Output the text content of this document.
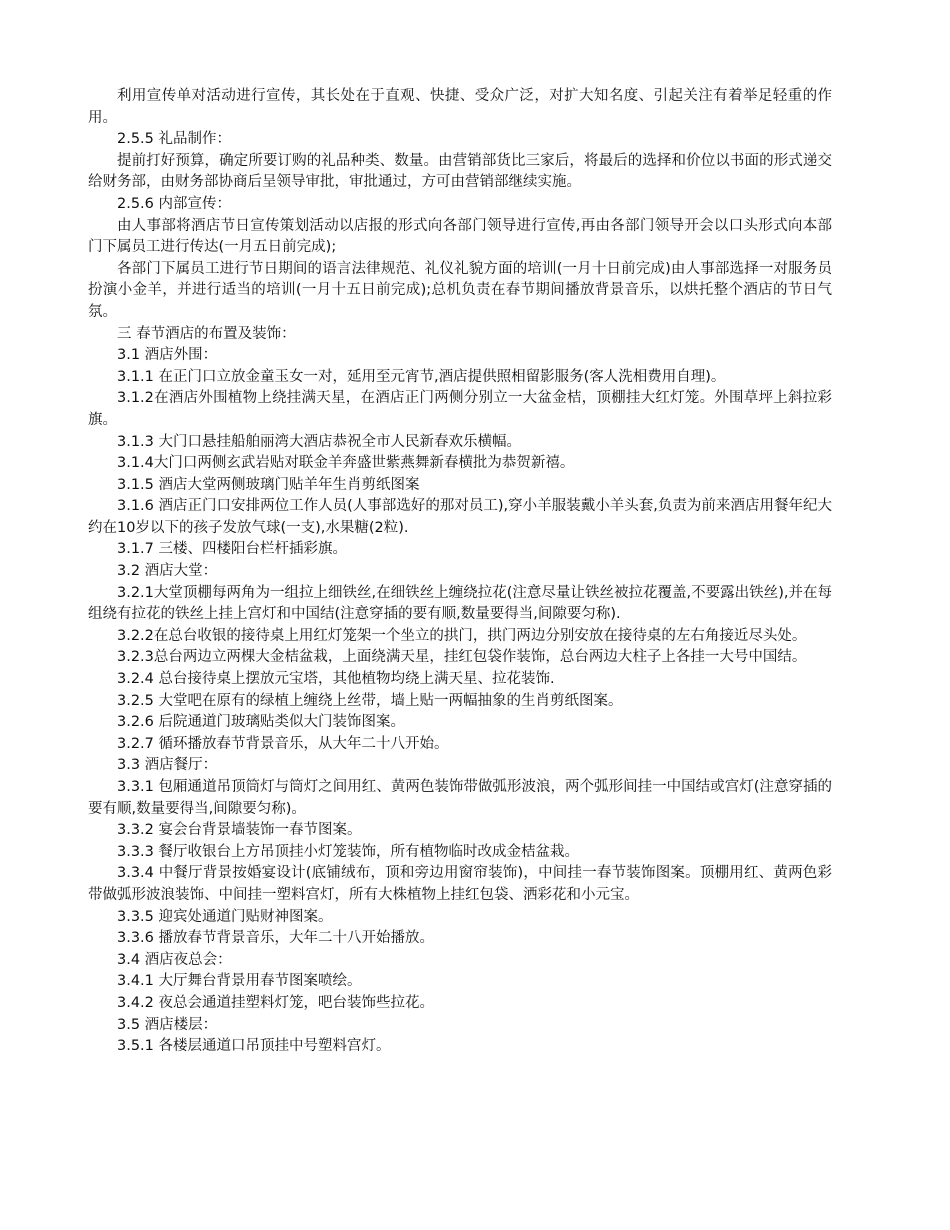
利用宣传单对活动进行宣传，其长处在于直观、快捷、受众广泛，对扩大知名度、引起关注有着举足轻重的作用。

2.5.5 礼品制作：

提前打好预算，确定所要订购的礼品种类、数量。由营销部货比三家后，将最后的选择和价位以书面的形式递交给财务部，由财务部协商后呈领导审批，审批通过，方可由营销部继续实施。

2.5.6 内部宣传：

由人事部将酒店节日宣传策划活动以店报的形式向各部门领导进行宣传,再由各部门领导开会以口头形式向本部门下属员工进行传达(一月五日前完成);

各部门下属员工进行节日期间的语言法律规范、礼仪礼貌方面的培训(一月十日前完成)由人事部选择一对服务员扮演小金羊，并进行适当的培训(一月十五日前完成);总机负责在春节期间播放背景音乐，以烘托整个酒店的节日气氛。

三 春节酒店的布置及装饰：

3.1 酒店外围：

3.1.1 在正门口立放金童玉女一对，延用至元宵节,酒店提供照相留影服务(客人洗相费用自理)。

3.1.2在酒店外围植物上绕挂满天星，在酒店正门两侧分别立一大盆金桔，顶棚挂大红灯笼。外围草坪上斜拉彩旗。

3.1.3 大门口悬挂船舶丽湾大酒店恭祝全市人民新春欢乐横幅。

3.1.4大门口两侧玄武岩贴对联金羊奔盛世紫燕舞新春横批为恭贺新禧。

3.1.5 酒店大堂两侧玻璃门贴羊年生肖剪纸图案

3.1.6 酒店正门口安排两位工作人员(人事部选好的那对员工),穿小羊服装戴小羊头套,负责为前来酒店用餐年纪大约在10岁以下的孩子发放气球(一支),水果糖(2粒).

3.1.7 三楼、四楼阳台栏杆插彩旗。

3.2 酒店大堂：

3.2.1大堂顶棚每两角为一组拉上细铁丝,在细铁丝上缠绕拉花(注意尽量让铁丝被拉花覆盖,不要露出铁丝),并在每组绕有拉花的铁丝上挂上宫灯和中国结(注意穿插的要有顺,数量要得当,间隙要匀称).

3.2.2在总台收银的接待桌上用红灯笼架一个坐立的拱门，拱门两边分别安放在接待桌的左右角接近尽头处。

3.2.3总台两边立两棵大金桔盆栽，上面绕满天星，挂红包袋作装饰，总台两边大柱子上各挂一大号中国结。

3.2.4 总台接待桌上摆放元宝塔，其他植物均绕上满天星、拉花装饰.

3.2.5 大堂吧在原有的绿植上缠绕上丝带，墙上贴一两幅抽象的生肖剪纸图案。

3.2.6 后院通道门玻璃贴类似大门装饰图案。

3.2.7 循环播放春节背景音乐，从大年二十八开始。

3.3 酒店餐厅：

3.3.1 包厢通道吊顶筒灯与筒灯之间用红、黄两色装饰带做弧形波浪，两个弧形间挂一中国结或宫灯(注意穿插的要有顺,数量要得当,间隙要匀称)。

3.3.2 宴会台背景墙装饰一春节图案。

3.3.3 餐厅收银台上方吊顶挂小灯笼装饰，所有植物临时改成金桔盆栽。

3.3.4 中餐厅背景按婚宴设计(底铺绒布，顶和旁边用窗帘装饰)，中间挂一春节装饰图案。顶棚用红、黄两色彩带做弧形波浪装饰、中间挂一塑料宫灯，所有大株植物上挂红包袋、洒彩花和小元宝。

3.3.5 迎宾处通道门贴财神图案。

3.3.6 播放春节背景音乐，大年二十八开始播放。

3.4 酒店夜总会：

3.4.1 大厅舞台背景用春节图案喷绘。

3.4.2 夜总会通道挂塑料灯笼，吧台装饰些拉花。

3.5 酒店楼层：

3.5.1 各楼层通道口吊顶挂中号塑料宫灯。
